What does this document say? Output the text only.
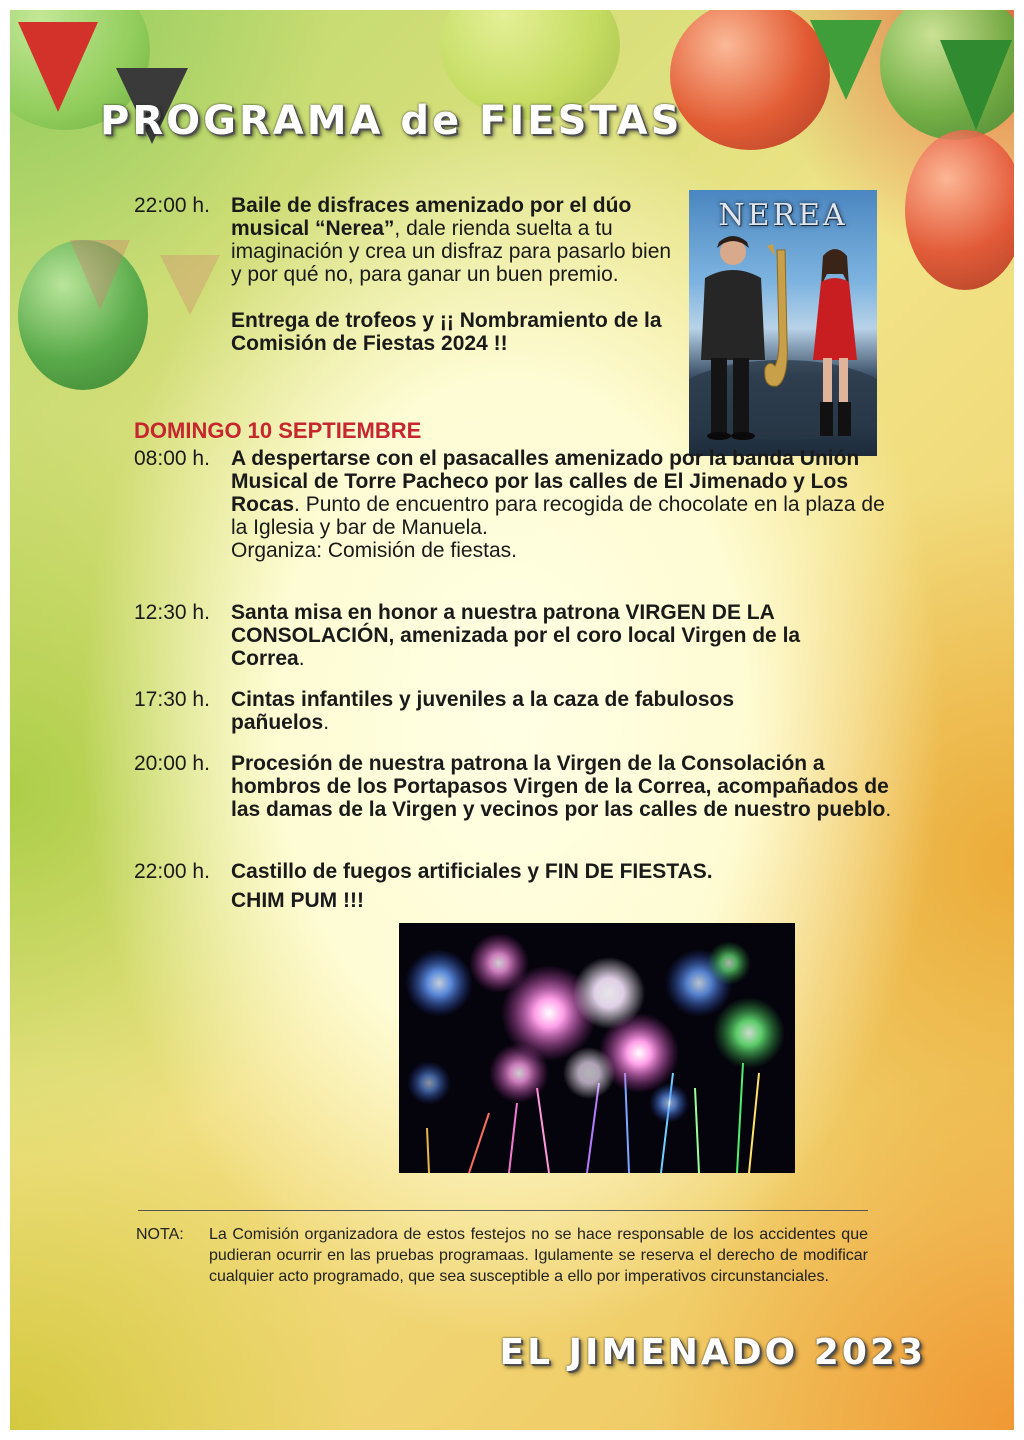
PROGRAMA de FIESTAS
22:00 h.	Baile de disfraces amenizado por el dúo musical “Nerea”, dale rienda suelta a tu imaginación y crea un disfraz para pasarlo bien y por qué no, para ganar un buen premio.
Entrega de trofeos y ¡¡ Nombramiento de la Comisión de Fiestas 2024 !!
NEREA
DOMINGO 10 SEPTIEMBRE
08:00 h.	A despertarse con el pasacalles amenizado por la banda Unión Musical de Torre Pacheco por las calles de El Jimenado y Los Rocas. Punto de encuentro para recogida de chocolate en la plaza de la Iglesia y bar de Manuela.
Organiza: Comisión de fiestas.
12:30 h.	Santa misa en honor a nuestra patrona VIRGEN DE LA CONSOLACIÓN, amenizada por el coro local Virgen de la Correa.
17:30 h.	Cintas infantiles y juveniles a la caza de fabulosos pañuelos.
20:00 h.	Procesión de nuestra patrona la Virgen de la Consolación a hombros de los Portapasos Virgen de la Correa, acompañados de las damas de la Virgen y vecinos por las calles de nuestro pueblo.
22:00 h.	Castillo de fuegos artificiales y FIN DE FIESTAS.
CHIM PUM !!!
NOTA: La Comisión organizadora de estos festejos no se hace responsable de los accidentes que pudieran ocurrir en las pruebas programaas. Igulamente se reserva el derecho de modificar cualquier acto programado, que sea susceptible a ello por imperativos circunstanciales.
EL JIMENADO 2023
